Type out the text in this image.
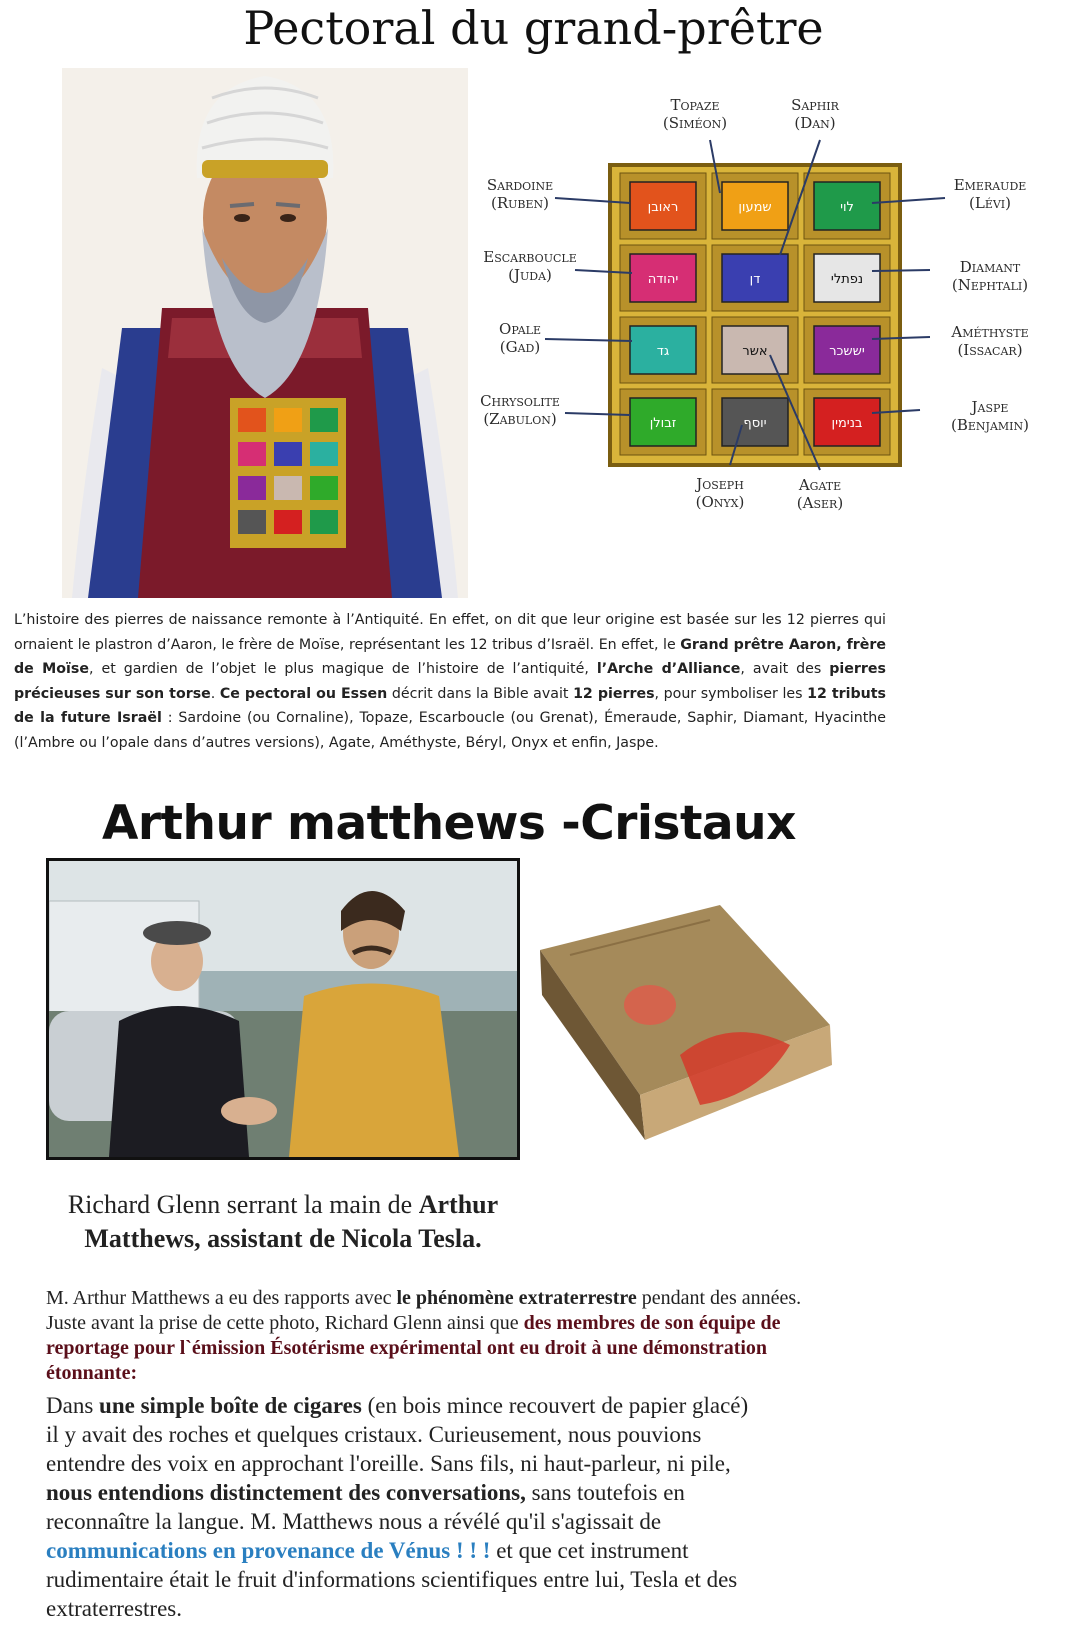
Pectoral du grand-prêtre
ראובן	שמעון	לוי
יהודה	דן	נפתלי
גד	אשר	יששכר
זבולן	יוסף	בנימין
Sardoine
(Ruben)
Escarboucle
(Juda)
Opale
(Gad)
Chrysolite
(Zabulon)
Emeraude
(Lévi)
Diamant
(Nephtali)
Améthyste
(Issacar)
Jaspe
(Benjamin)
Topaze
(Siméon)
Saphir
(Dan)
Joseph
(Onyx)
Agate
(Aser)

L’histoire des pierres de naissance remonte à l’Antiquité. En effet, on dit que leur origine est basée sur les 12 pierres qui ornaient le plastron d’Aaron, le frère de Moïse, représentant les 12 tribus d’Israël. En effet, le Grand prêtre Aaron, frère de Moïse, et gardien de l’objet le plus magique de l’histoire de l’antiquité, l’Arche d’Alliance, avait des pierres précieuses sur son torse. Ce pectoral ou Essen décrit dans la Bible avait 12 pierres, pour symboliser les 12 tributs de la future Israël : Sardoine (ou Cornaline), Topaze, Escarboucle (ou Grenat), Émeraude, Saphir, Diamant, Hyacinthe (l’Ambre ou l’opale dans d’autres versions), Agate, Améthyste, Béryl, Onyx et enfin, Jaspe.

Arthur matthews -Cristaux
Richard Glenn serrant la main de Arthur Matthews, assistant de Nicola Tesla.

M. Arthur Matthews a eu des rapports avec le phénomène extraterrestre pendant des années. Juste avant la prise de cette photo, Richard Glenn ainsi que des membres de son équipe de reportage pour l`émission Ésotérisme expérimental ont eu droit à une démonstration étonnante:

Dans une simple boîte de cigares (en bois mince recouvert de papier glacé) il y avait des roches et quelques cristaux. Curieusement, nous pouvions entendre des voix en approchant l'oreille. Sans fils, ni haut-parleur, ni pile, nous entendions distinctement des conversations, sans toutefois en reconnaître la langue. M. Matthews nous a révélé qu'il s'agissait de communications en provenance de Vénus ! ! ! et que cet instrument rudimentaire était le fruit d'informations scientifiques entre lui, Tesla et des extraterrestres.
